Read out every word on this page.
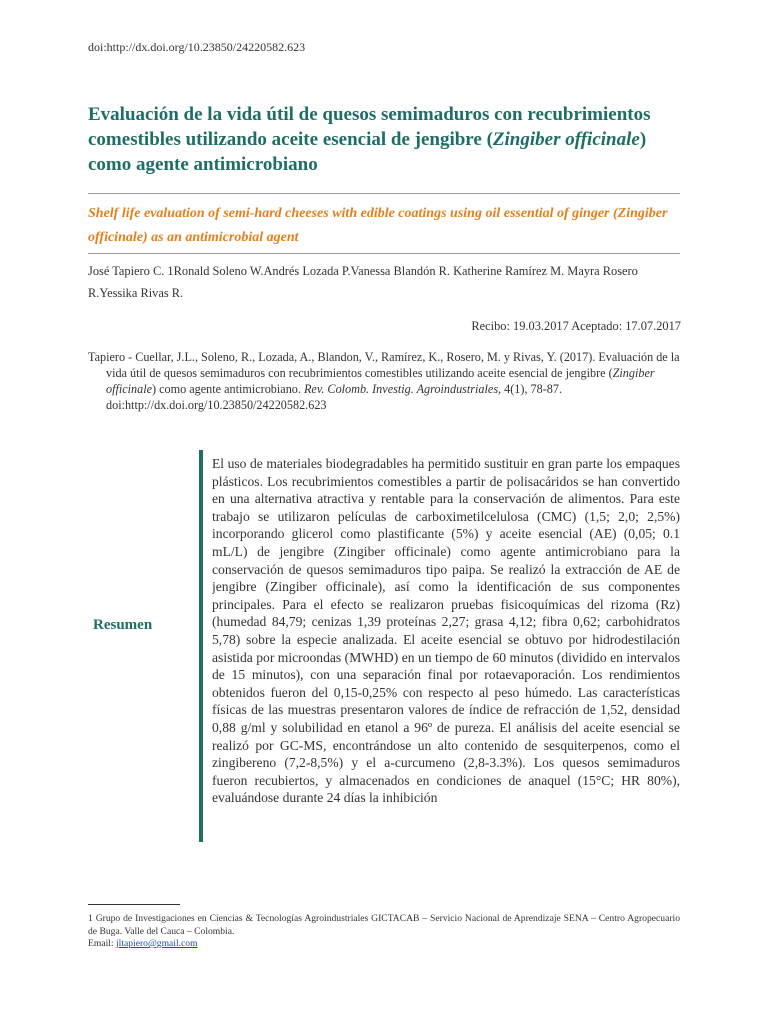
doi:http://dx.doi.org/10.23850/24220582.623
Evaluación de la vida útil de quesos semimaduros con recubrimientos comestibles utilizando aceite esencial de jengibre (Zingiber officinale) como agente antimicrobiano

Shelf life evaluation of semi-hard cheeses with edible coatings using oil essential of ginger (Zingiber officinale) as an antimicrobial agent

José Tapiero C. 1Ronald Soleno W.Andrés Lozada P.Vanessa Blandón R. Katherine Ramírez M. Mayra Rosero R.Yessika Rivas R.
Recibo: 19.03.2017 Aceptado: 17.07.2017
Tapiero - Cuellar, J.L., Soleno, R., Lozada, A., Blandon, V., Ramírez, K., Rosero, M. y Rivas, Y. (2017). Evaluación de la vida útil de quesos semimaduros con recubrimientos comestibles utilizando aceite esencial de jengibre (Zingiber officinale) como agente antimicrobiano. Rev. Colomb. Investig. Agroindustriales, 4(1), 78-87. doi:http://dx.doi.org/10.23850/24220582.623
Resumen

El uso de materiales biodegradables ha permitido sustituir en gran parte los empaques plásticos. Los recubrimientos comestibles a partir de polisacáridos se han convertido en una alternativa atractiva y rentable para la conservación de alimentos. Para este trabajo se utilizaron películas de carboximetilcelulosa (CMC) (1,5; 2,0; 2,5%) incorporando glicerol como plastificante (5%) y aceite esencial (AE) (0,05; 0.1 mL/L) de jengibre (Zingiber officinale) como agente antimicrobiano para la conservación de quesos semimaduros tipo paipa. Se realizó la extracción de AE de jengibre (Zingiber officinale), así como la identificación de sus componentes principales. Para el efecto se realizaron pruebas fisicoquímicas del rizoma (Rz) (humedad 84,79; cenizas 1,39 proteínas 2,27; grasa 4,12; fibra 0,62; carbohidratos 5,78) sobre la especie analizada. El aceite esencial se obtuvo por hidrodestilación asistida por microondas (MWHD) en un tiempo de 60 minutos (dividido en intervalos de 15 minutos), con una separación final por rotaevaporación. Los rendimientos obtenidos fueron del 0,15-0,25% con respecto al peso húmedo. Las características físicas de las muestras presentaron valores de índice de refracción de 1,52, densidad 0,88 g/ml y solubilidad en etanol a 96º de pureza. El análisis del aceite esencial se realizó por GC-MS, encontrándose un alto contenido de sesquiterpenos, como el zingibereno (7,2-8,5%) y el a-curcumeno (2,8-3.3%). Los quesos semimaduros fueron recubiertos, y almacenados en condiciones de anaquel (15°C; HR 80%), evaluándose durante 24 días la inhibición

1 Grupo de Investigaciones en Ciencias & Tecnologías Agroindustriales GICTACAB – Servicio Nacional de Aprendizaje SENA – Centro Agropecuario de Buga. Valle del Cauca – Colombia.
Email: jltapiero@gmail.com
